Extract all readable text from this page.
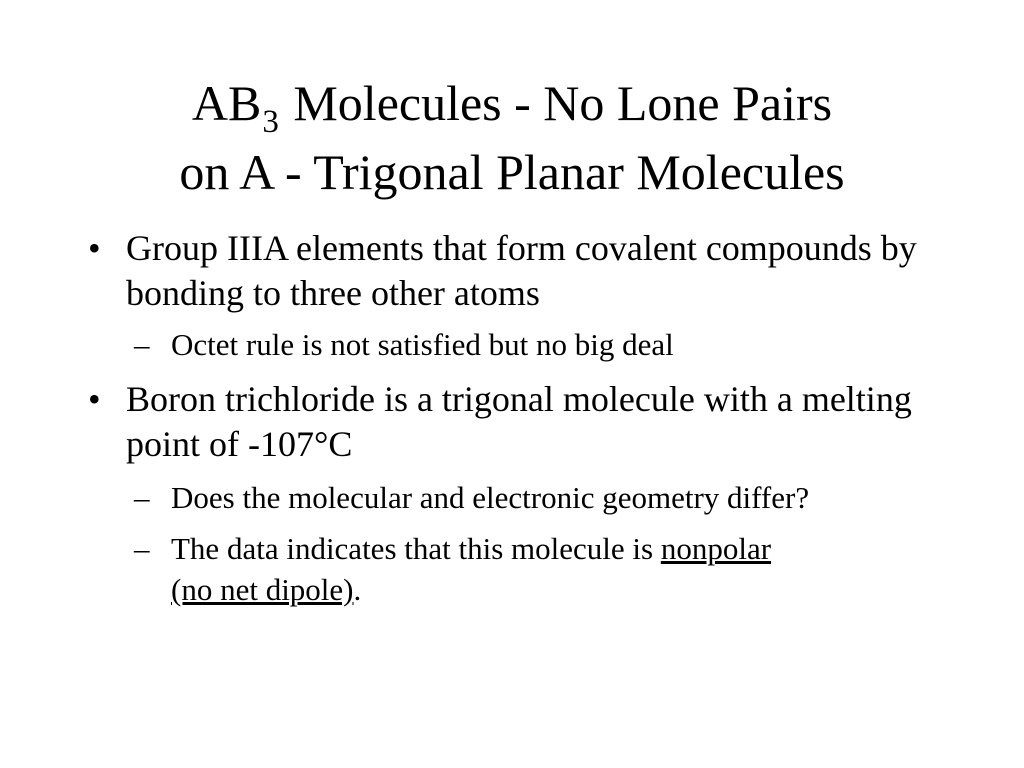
$AB_3$ Molecules - No Lone Pairs
on A - Trigonal Planar Molecules
• Group IIIA elements that form covalent compounds by bonding to three other atoms
– Octet rule is not satisfied but no big deal
• Boron trichloride is a trigonal molecule with a melting point of -107°C
– Does the molecular and electronic geometry differ?
– The data indicates that this molecule is nonpolar
(no net dipole).
